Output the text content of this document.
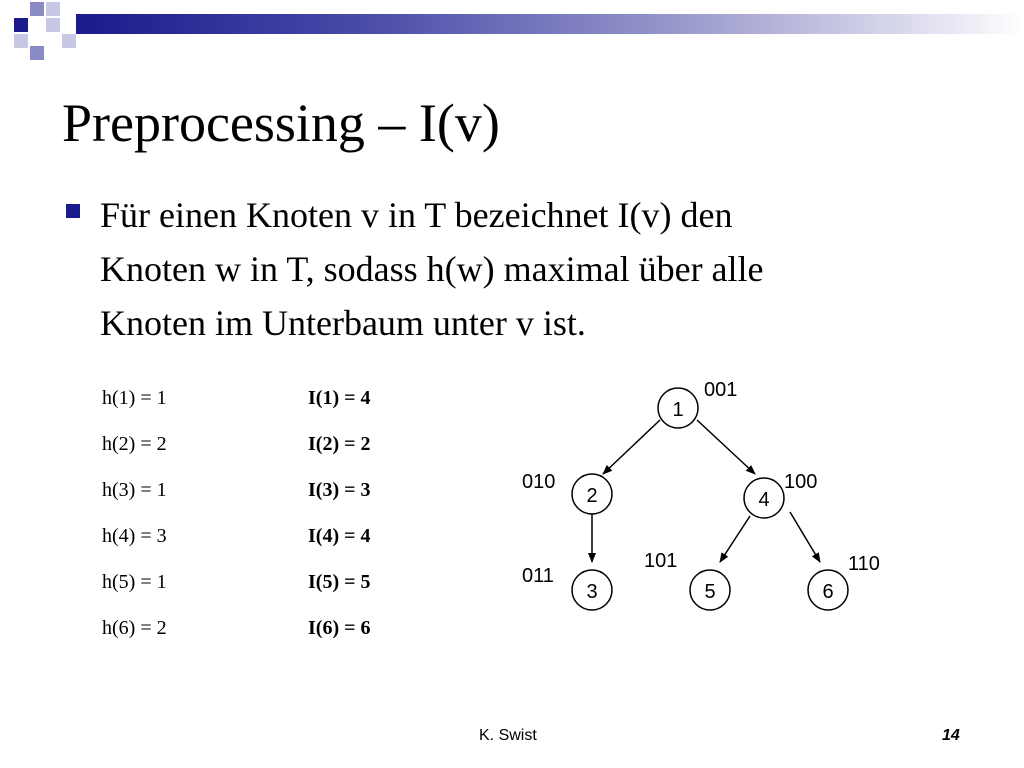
Preprocessing – I(v)
Für einen Knoten v in T bezeichnet I(v) den
Knoten w in T, sodass h(w) maximal über alle
Knoten im Unterbaum unter v ist.
h(1) = 1	I(1) = 4
h(2) = 2	I(2) = 2
h(3) = 1	I(3) = 3
h(4) = 3	I(4) = 4
h(5) = 1	I(5) = 5
h(6) = 2	I(6) = 6
1
001
2
010
4
100
3
011
5
101
6
110
K. Swist	14
